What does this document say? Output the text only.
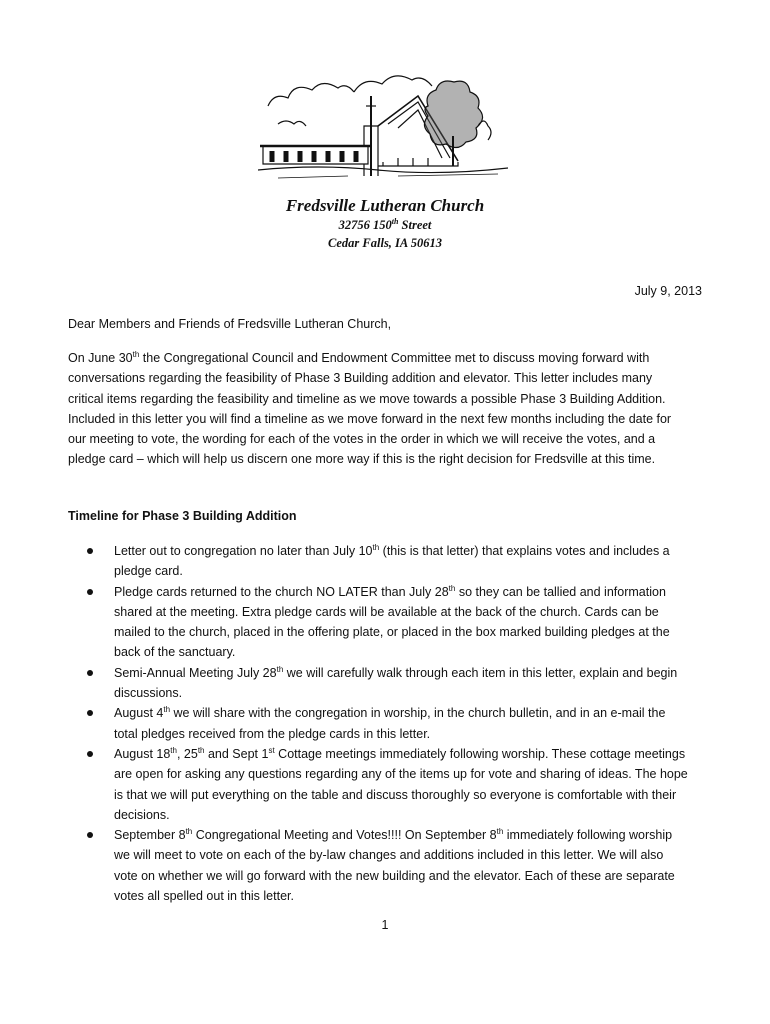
Fredsville Lutheran Church
32756 150th Street
Cedar Falls, IA 50613
July 9, 2013
Dear Members and Friends of Fredsville Lutheran Church,
On June 30th the Congregational Council and Endowment Committee met to discuss moving forward with
conversations regarding the feasibility of Phase 3 Building addition and elevator. This letter includes many
critical items regarding the feasibility and timeline as we move towards a possible Phase 3 Building Addition.
Included in this letter you will find a timeline as we move forward in the next few months including the date for
our meeting to vote, the wording for each of the votes in the order in which we will receive the votes, and a
pledge card – which will help us discern one more way if this is the right decision for Fredsville at this time.
Timeline for Phase 3 Building Addition
Letter out to congregation no later than July 10th (this is that letter) that explains votes and includes a
pledge card.
Pledge cards returned to the church NO LATER than July 28th so they can be tallied and information
shared at the meeting. Extra pledge cards will be available at the back of the church. Cards can be
mailed to the church, placed in the offering plate, or placed in the box marked building pledges at the
back of the sanctuary.
Semi-Annual Meeting July 28th we will carefully walk through each item in this letter, explain and begin
discussions.
August 4th we will share with the congregation in worship, in the church bulletin, and in an e-mail the
total pledges received from the pledge cards in this letter.
August 18th, 25th and Sept 1st Cottage meetings immediately following worship. These cottage meetings
are open for asking any questions regarding any of the items up for vote and sharing of ideas. The hope
is that we will put everything on the table and discuss thoroughly so everyone is comfortable with their
decisions.
September 8th Congregational Meeting and Votes!!!! On September 8th immediately following worship
we will meet to vote on each of the by-law changes and additions included in this letter. We will also
vote on whether we will go forward with the new building and the elevator. Each of these are separate
votes all spelled out in this letter.
1
